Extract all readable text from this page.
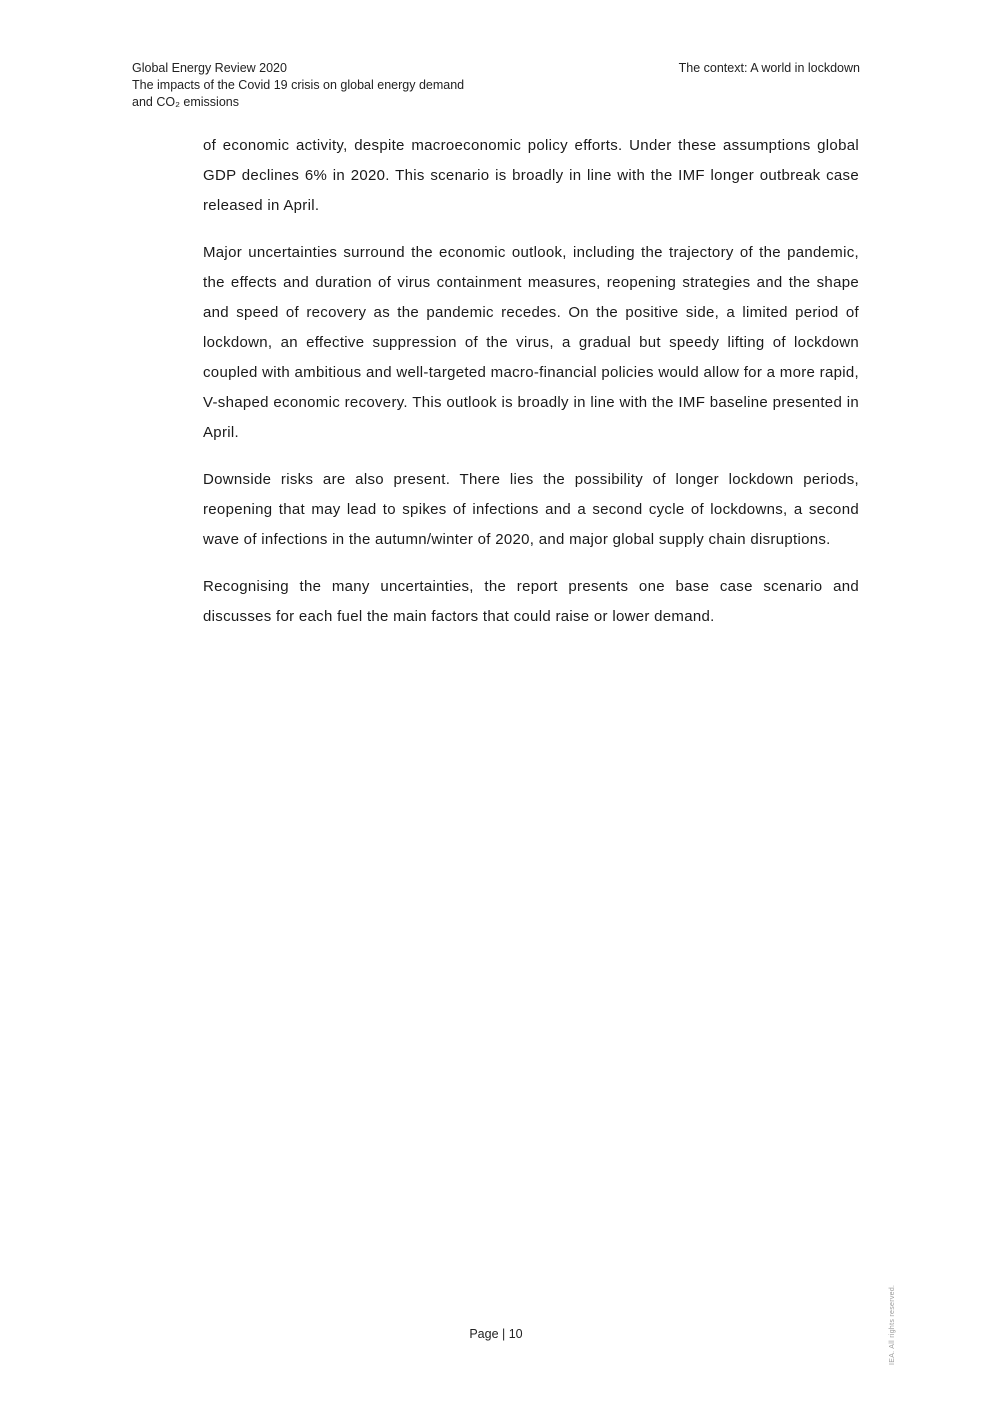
Global Energy Review 2020
The impacts of the Covid 19 crisis on global energy demand
and CO₂ emissions
The context: A world in lockdown

of economic activity, despite macroeconomic policy efforts. Under these assumptions global GDP declines 6% in 2020. This scenario is broadly in line with the IMF longer outbreak case released in April.

Major uncertainties surround the economic outlook, including the trajectory of the pandemic, the effects and duration of virus containment measures, reopening strategies and the shape and speed of recovery as the pandemic recedes. On the positive side, a limited period of lockdown, an effective suppression of the virus, a gradual but speedy lifting of lockdown coupled with ambitious and well-targeted macro-financial policies would allow for a more rapid, V-shaped economic recovery. This outlook is broadly in line with the IMF baseline presented in April.

Downside risks are also present. There lies the possibility of longer lockdown periods, reopening that may lead to spikes of infections and a second cycle of lockdowns, a second wave of infections in the autumn/winter of 2020, and major global supply chain disruptions.

Recognising the many uncertainties, the report presents one base case scenario and discusses for each fuel the main factors that could raise or lower demand.

Page | 10	IEA. All rights reserved.
